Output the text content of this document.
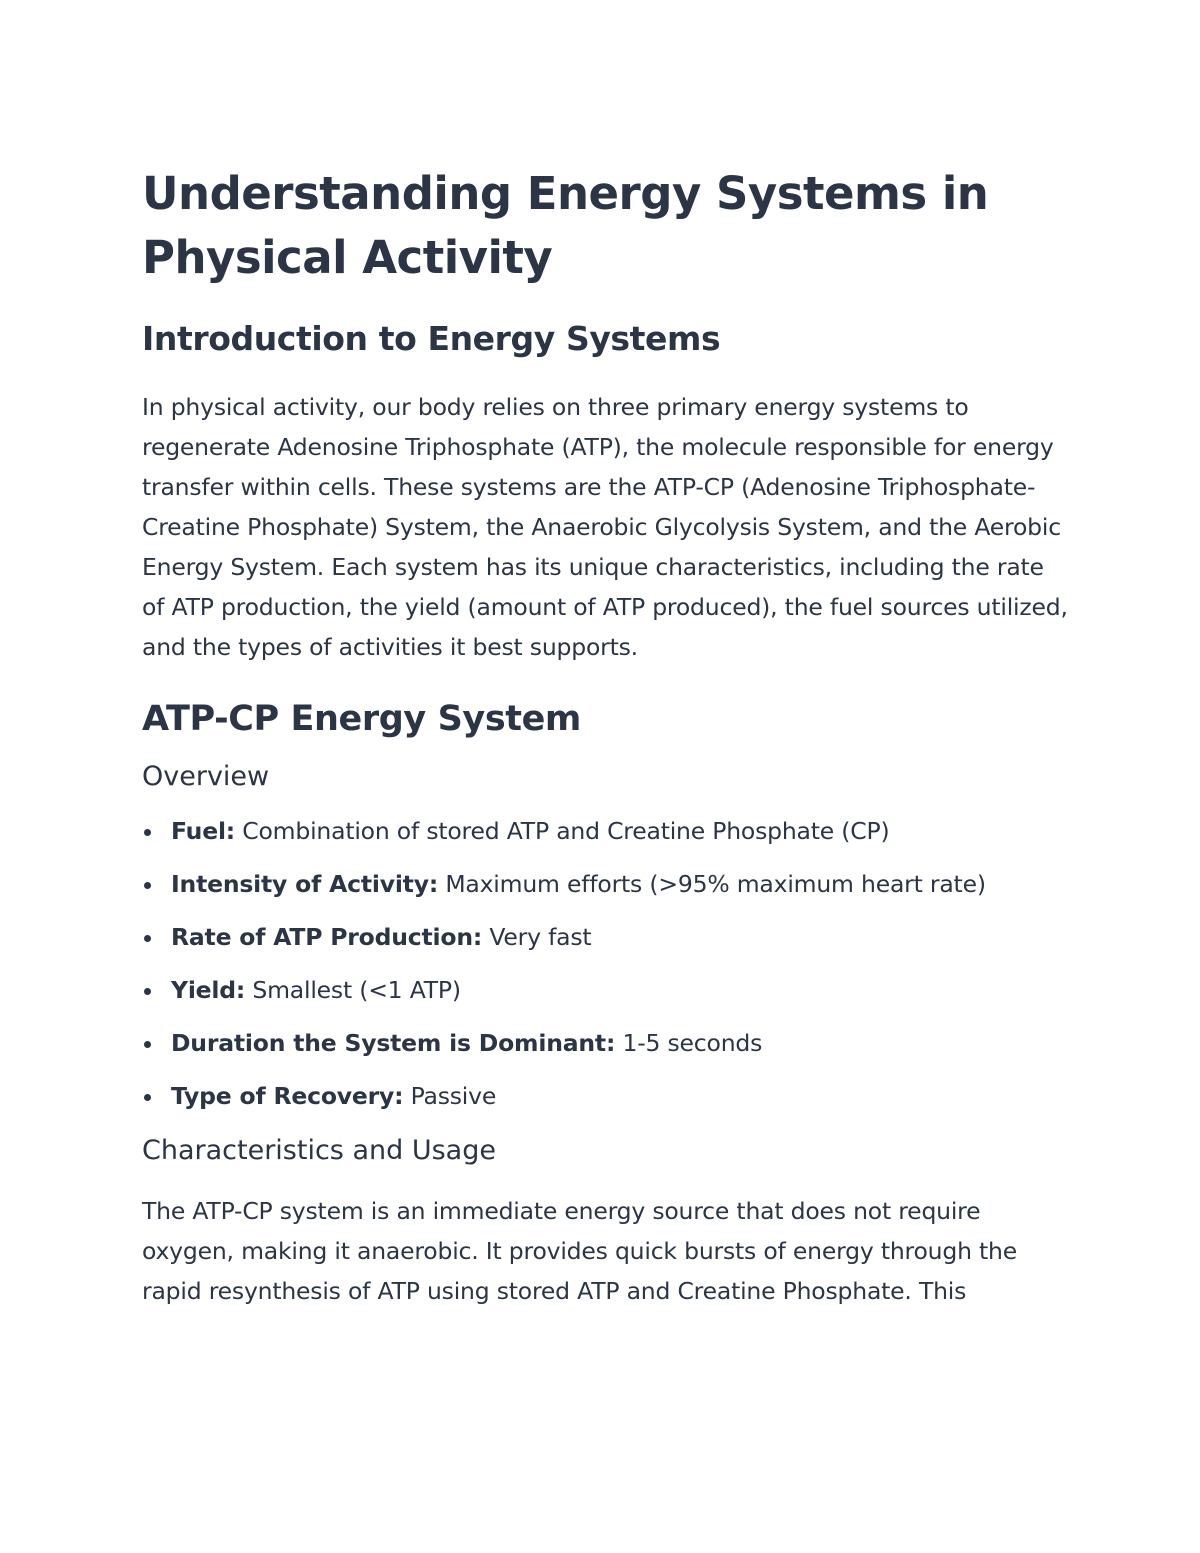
Understanding Energy Systems in Physical Activity
Introduction to Energy Systems

In physical activity, our body relies on three primary energy systems to regenerate Adenosine Triphosphate (ATP), the molecule responsible for energy transfer within cells. These systems are the ATP-CP (Adenosine Triphosphate-Creatine Phosphate) System, the Anaerobic Glycolysis System, and the Aerobic Energy System. Each system has its unique characteristics, including the rate of ATP production, the yield (amount of ATP produced), the fuel sources utilized, and the types of activities it best supports.

ATP-CP Energy System
Overview
Fuel: Combination of stored ATP and Creatine Phosphate (CP)
Intensity of Activity: Maximum efforts (>95% maximum heart rate)
Rate of ATP Production: Very fast
Yield: Smallest (<1 ATP)
Duration the System is Dominant: 1-5 seconds
Type of Recovery: Passive
Characteristics and Usage

The ATP-CP system is an immediate energy source that does not require oxygen, making it anaerobic. It provides quick bursts of energy through the rapid resynthesis of ATP using stored ATP and Creatine Phosphate. This
